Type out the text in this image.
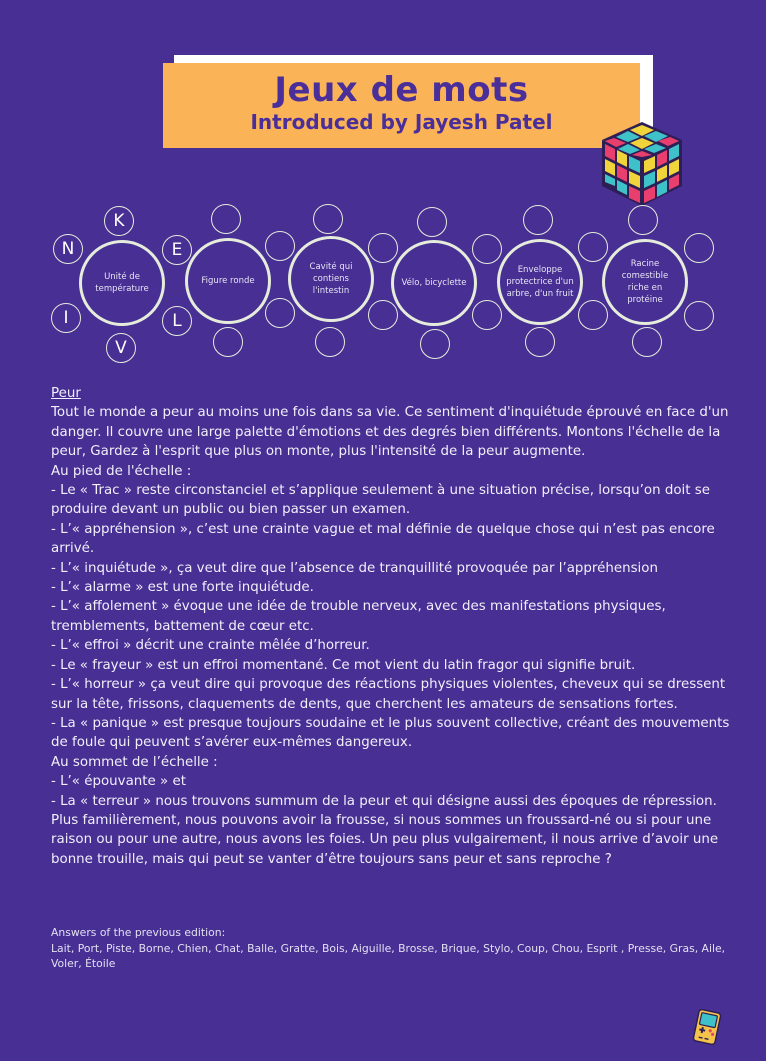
Jeux de mots
Introduced by Jayesh Patel
Unité de température
K
E
L
V
I
N
Figure ronde
Cavité qui contiens l'intestin
Vélo, bicyclette
Enveloppe protectrice d'un arbre, d'un fruit
Racine comestible riche en protéine

Peur

Tout le monde a peur au moins une fois dans sa vie. Ce sentiment d'inquiétude éprouvé en face d'un danger. Il couvre une large palette d'émotions et des degrés bien différents. Montons l'échelle de la peur, Gardez à l'esprit que plus on monte, plus l'intensité de la peur augmente.

Au pied de l'échelle :

- Le « Trac » reste circonstanciel et s’applique seulement à une situation précise, lorsqu’on doit se produire devant un public ou bien passer un examen.

- L’« appréhension », c’est une crainte vague et mal définie de quelque chose qui n’est pas encore arrivé.

- L’« inquiétude », ça veut dire que l’absence de tranquillité provoquée par l’appréhension

- L’« alarme » est une forte inquiétude.

- L’« affolement » évoque une idée de trouble nerveux, avec des manifestations physiques, tremblements, battement de cœur etc.

- L’« effroi » décrit une crainte mêlée d’horreur.

- Le « frayeur » est un effroi momentané. Ce mot vient du latin fragor qui signifie bruit.

- L’« horreur » ça veut dire qui provoque des réactions physiques violentes, cheveux qui se dressent sur la tête, frissons, claquements de dents, que cherchent les amateurs de sensations fortes.

- La « panique » est presque toujours soudaine et le plus souvent collective, créant des mouvements de foule qui peuvent s’avérer eux-mêmes dangereux.

Au sommet de l’échelle :

- L’« épouvante » et

- La « terreur » nous trouvons summum de la peur et qui désigne aussi des époques de répression.

Plus familièrement, nous pouvons avoir la frousse, si nous sommes un froussard-né ou si pour une raison ou pour une autre, nous avons les foies. Un peu plus vulgairement, il nous arrive d’avoir une bonne trouille, mais qui peut se vanter d’être toujours sans peur et sans reproche ?

Answers of the previous edition:

Lait, Port, Piste, Borne, Chien, Chat, Balle, Gratte, Bois, Aiguille, Brosse, Brique, Stylo, Coup, Chou, Esprit , Presse, Gras, Aile, Voler, Étoile
